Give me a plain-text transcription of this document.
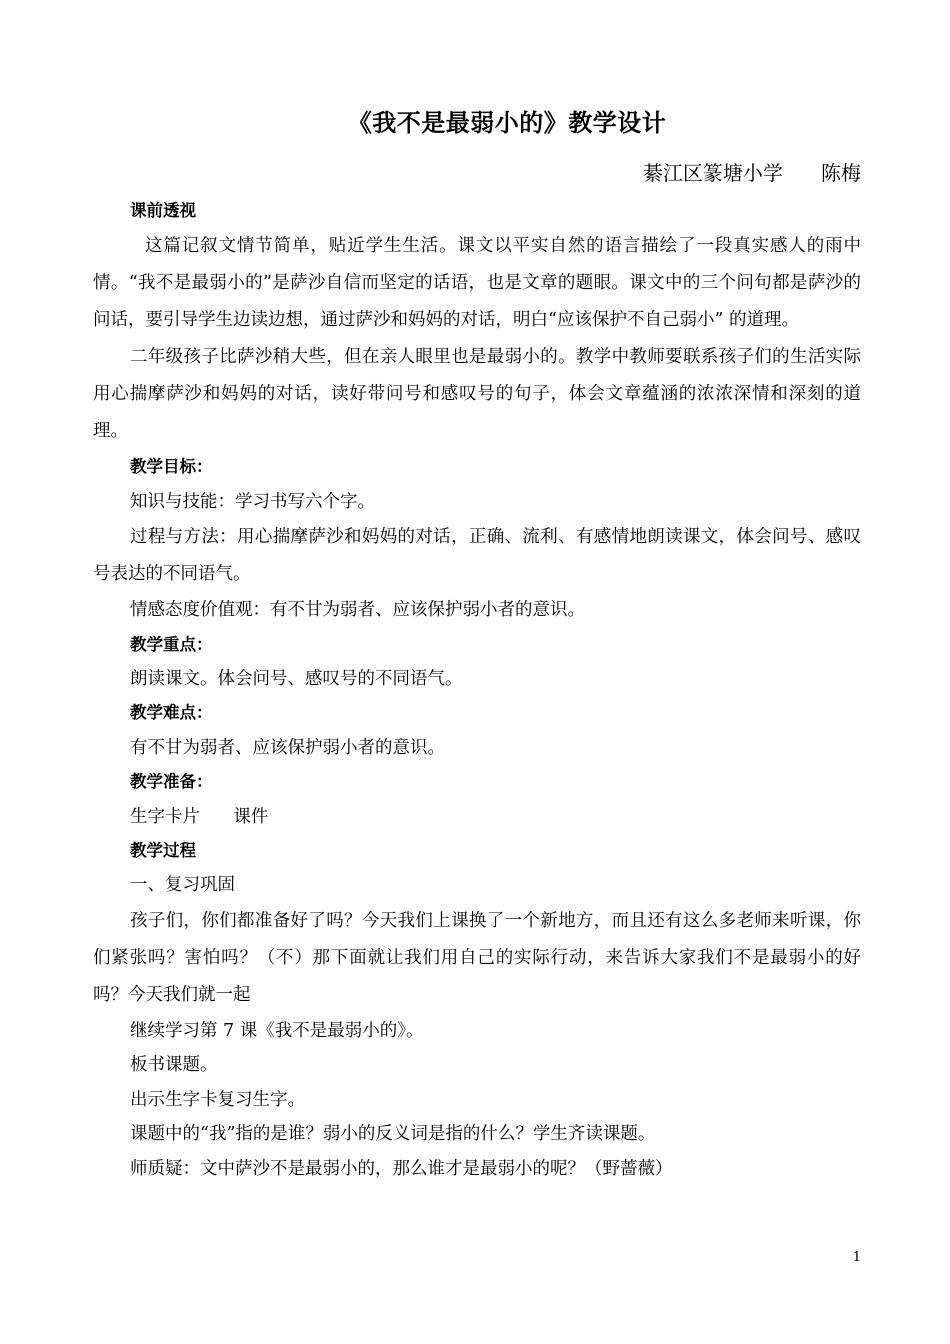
《我不是最弱小的》教学设计
綦江区篆塘小学      陈梅

课前透视

这篇记叙文情节简单，贴近学生生活。课文以平实自然的语言描绘了一段真实感人的雨中情。“我不是最弱小的”是萨沙自信而坚定的话语，也是文章的题眼。课文中的三个问句都是萨沙的问话，要引导学生边读边想，通过萨沙和妈妈的对话，明白“应该保护不自己弱小” 的道理。

二年级孩子比萨沙稍大些，但在亲人眼里也是最弱小的。教学中教师要联系孩子们的生活实际用心揣摩萨沙和妈妈的对话，读好带问号和感叹号的句子，体会文章蕴涵的浓浓深情和深刻的道理。

教学目标：

知识与技能：学习书写六个字。

过程与方法：用心揣摩萨沙和妈妈的对话，正确、流利、有感情地朗读课文，体会问号、感叹号表达的不同语气。

情感态度价值观：有不甘为弱者、应该保护弱小者的意识。

教学重点：

朗读课文。体会问号、感叹号的不同语气。

教学难点：

有不甘为弱者、应该保护弱小者的意识。

教学准备：

生字卡片      课件

教学过程

一、复习巩固

孩子们，你们都准备好了吗？今天我们上课换了一个新地方，而且还有这么多老师来听课，你们紧张吗？害怕吗？（不）那下面就让我们用自己的实际行动，来告诉大家我们不是最弱小的好吗？今天我们就一起

继续学习第 7 课《我不是最弱小的》。

板书课题。

出示生字卡复习生字。

课题中的“我”指的是谁？弱小的反义词是指的什么？学生齐读课题。

师质疑：文中萨沙不是最弱小的，那么谁才是最弱小的呢？（野蔷薇）

1
